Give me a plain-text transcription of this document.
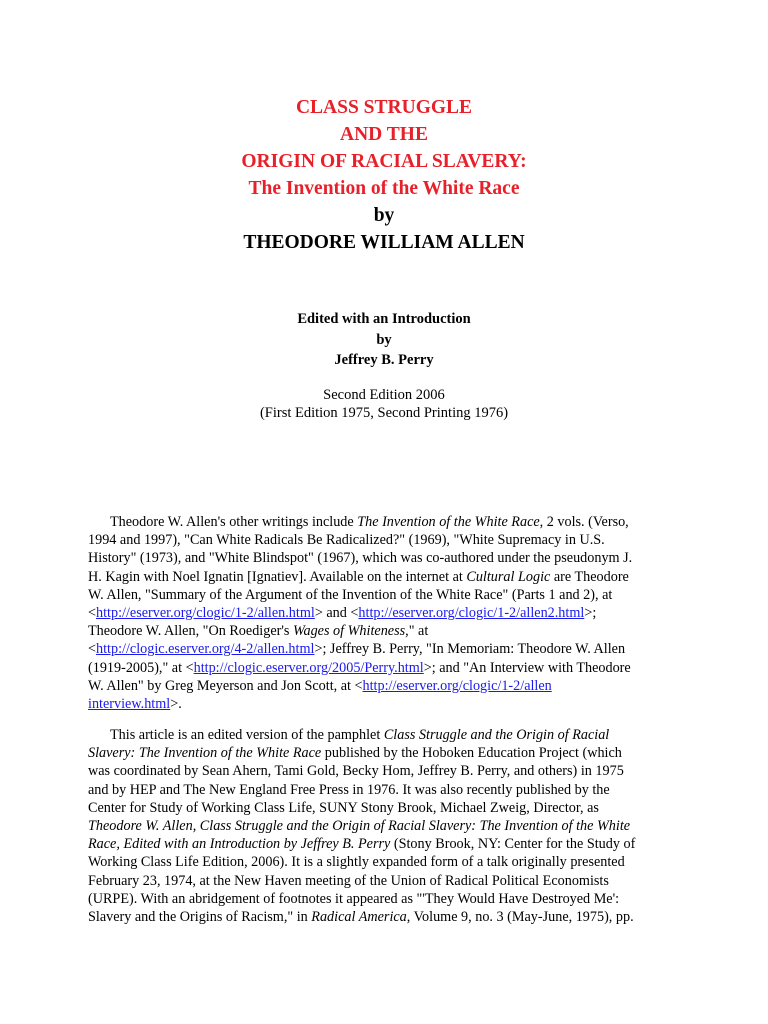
CLASS STRUGGLE
AND THE
ORIGIN OF RACIAL SLAVERY:
The Invention of the White Race
by
THEODORE WILLIAM ALLEN
Edited with an Introduction
by
Jeffrey B. Perry
Second Edition 2006
(First Edition 1975, Second Printing 1976)
Theodore W. Allen's other writings include The Invention of the White Race, 2 vols. (Verso,
1994 and 1997), "Can White Radicals Be Radicalized?" (1969), "White Supremacy in U.S.
History" (1973), and "White Blindspot" (1967), which was co-authored under the pseudonym J.
H. Kagin with Noel Ignatin [Ignatiev]. Available on the internet at Cultural Logic are Theodore
W. Allen, "Summary of the Argument of the Invention of the White Race" (Parts 1 and 2), at
<http://eserver.org/clogic/1-2/allen.html> and <http://eserver.org/clogic/1-2/allen2.html>;
Theodore W. Allen, "On Roediger's Wages of Whiteness," at
<http://clogic.eserver.org/4-2/allen.html>; Jeffrey B. Perry, "In Memoriam: Theodore W. Allen
(1919-2005)," at <http://clogic.eserver.org/2005/Perry.html>; and "An Interview with Theodore
W. Allen" by Greg Meyerson and Jon Scott, at <http://eserver.org/clogic/1-2/allen
interview.html>.
This article is an edited version of the pamphlet Class Struggle and the Origin of Racial
Slavery: The Invention of the White Race published by the Hoboken Education Project (which
was coordinated by Sean Ahern, Tami Gold, Becky Hom, Jeffrey B. Perry, and others) in 1975
and by HEP and The New England Free Press in 1976. It was also recently published by the
Center for Study of Working Class Life, SUNY Stony Brook, Michael Zweig, Director, as
Theodore W. Allen, Class Struggle and the Origin of Racial Slavery: The Invention of the White
Race, Edited with an Introduction by Jeffrey B. Perry (Stony Brook, NY: Center for the Study of
Working Class Life Edition, 2006). It is a slightly expanded form of a talk originally presented
February 23, 1974, at the New Haven meeting of the Union of Radical Political Economists
(URPE). With an abridgement of footnotes it appeared as "'They Would Have Destroyed Me':
Slavery and the Origins of Racism," in Radical America, Volume 9, no. 3 (May-June, 1975), pp.
